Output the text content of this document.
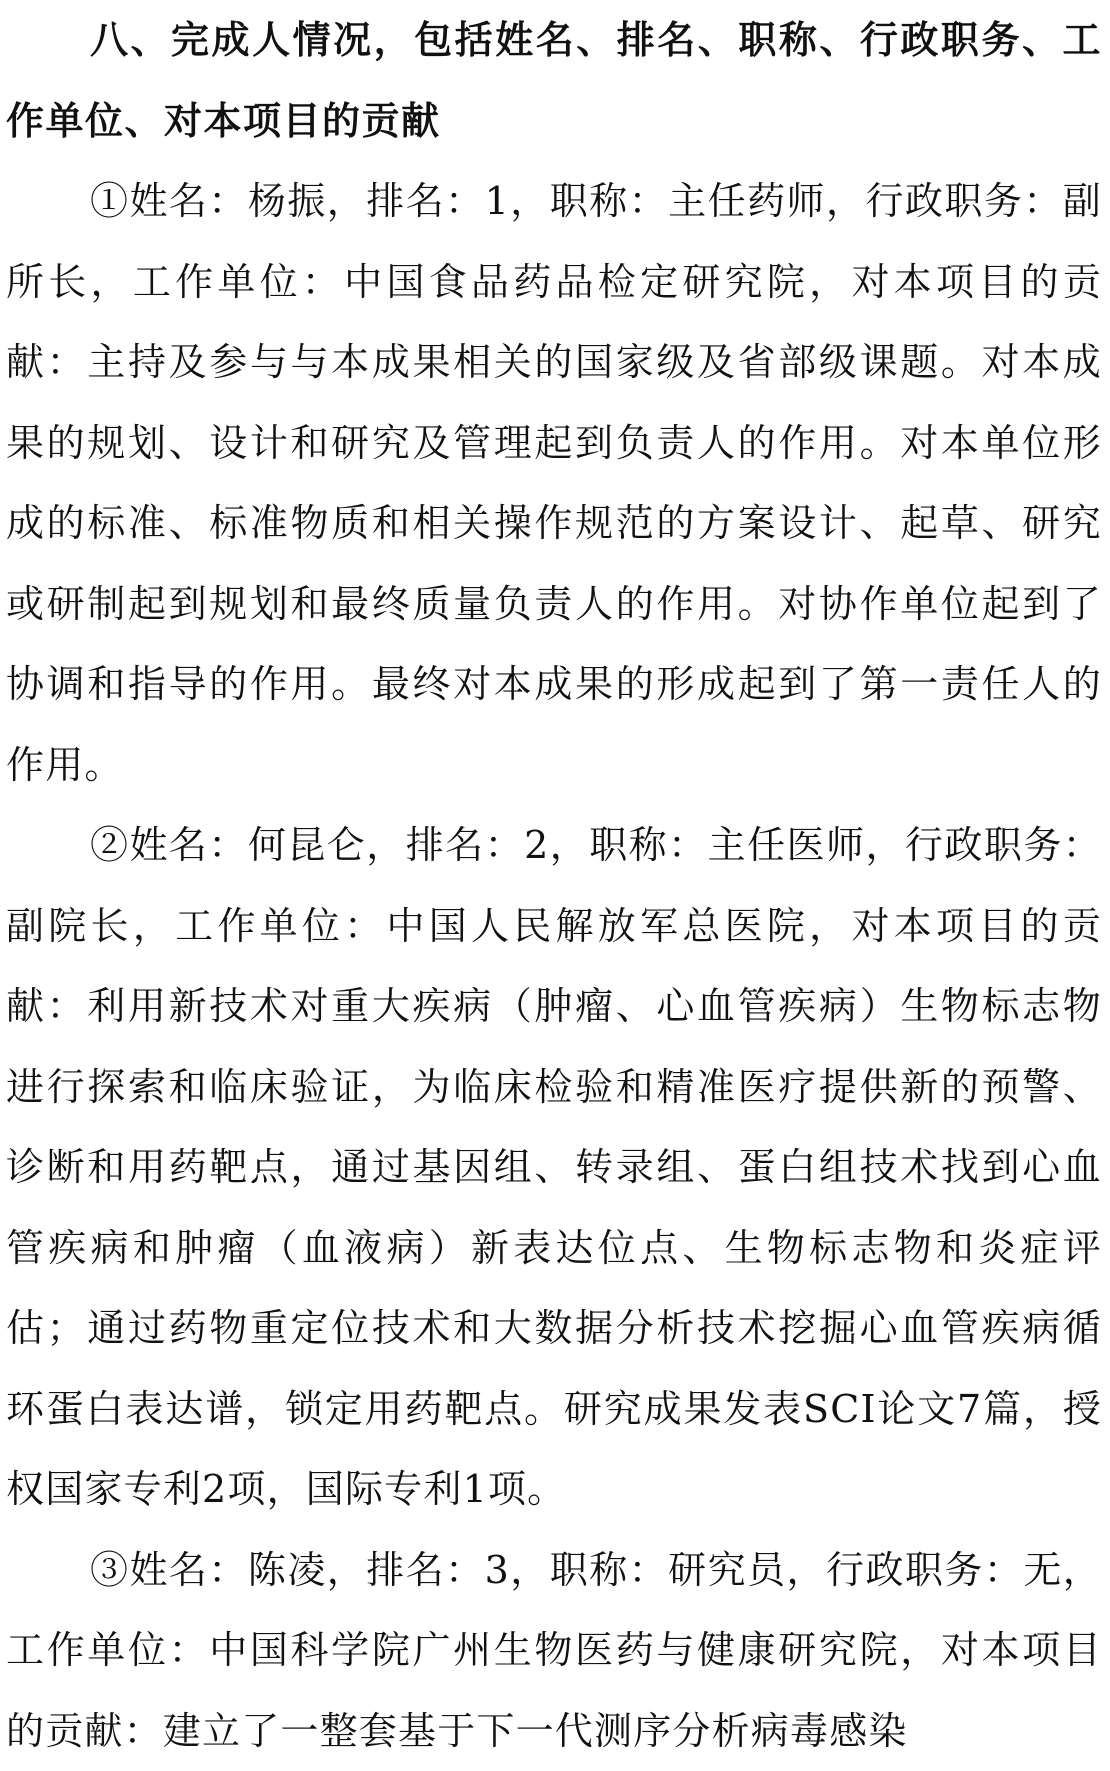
八、完成人情况，包括姓名、排名、职称、行政职务、工作单位、对本项目的贡献

①姓名：杨振，排名：1，职称：主任药师，行政职务：副所长，工作单位：中国食品药品检定研究院，对本项目的贡献：主持及参与与本成果相关的国家级及省部级课题。对本成果的规划、设计和研究及管理起到负责人的作用。对本单位形成的标准、标准物质和相关操作规范的方案设计、起草、研究或研制起到规划和最终质量负责人的作用。对协作单位起到了协调和指导的作用。最终对本成果的形成起到了第一责任人的作用。

②姓名：何昆仑，排名：2，职称：主任医师，行政职务：副院长，工作单位：中国人民解放军总医院，对本项目的贡献：利用新技术对重大疾病（肿瘤、心血管疾病）生物标志物进行探索和临床验证，为临床检验和精准医疗提供新的预警、诊断和用药靶点，通过基因组、转录组、蛋白组技术找到心血管疾病和肿瘤（血液病）新表达位点、生物标志物和炎症评估；通过药物重定位技术和大数据分析技术挖掘心血管疾病循环蛋白表达谱，锁定用药靶点。研究成果发表SCI论文7篇，授权国家专利2项，国际专利1项。

③姓名：陈凌，排名：3，职称：研究员，行政职务：无，工作单位：中国科学院广州生物医药与健康研究院，对本项目的贡献：建立了一整套基于下一代测序分析病毒感染
